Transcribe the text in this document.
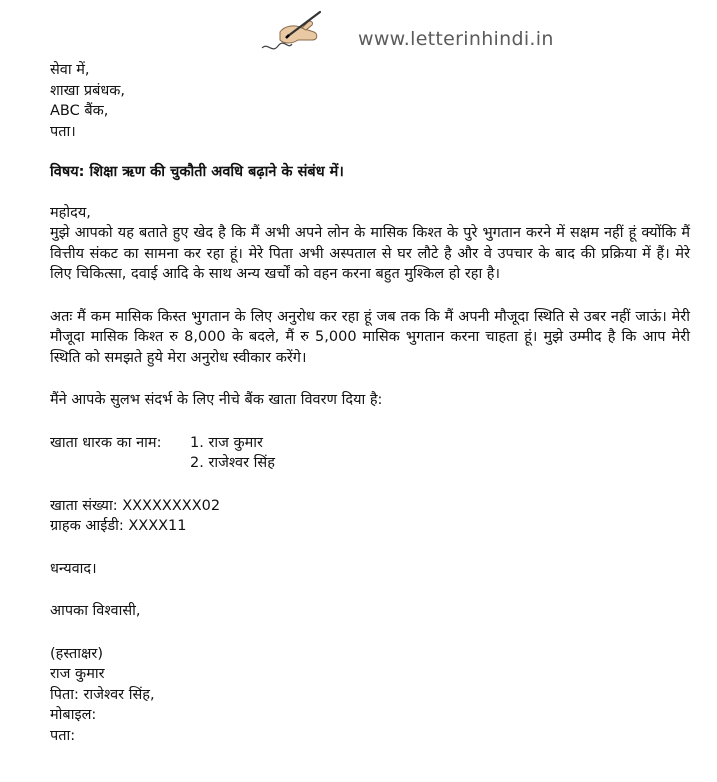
www.letterinhindi.in
सेवा में,
शाखा प्रबंधक,
ABC बैंक,
पता।
विषय: शिक्षा ऋण की चुकौती अवधि बढ़ाने के संबंध में।
महोदय,

मुझे आपको यह बताते हुए खेद है कि मैं अभी अपने लोन के मासिक किश्त के पुरे भुगतान करने में सक्षम नहीं हूं क्योंकि मैं वित्तीय संकट का सामना कर रहा हूं। मेरे पिता अभी अस्पताल से घर लौटे है और वे उपचार के बाद की प्रक्रिया में हैं। मेरे लिए चिकित्सा, दवाई आदि के साथ अन्य खर्चों को वहन करना बहुत मुश्किल हो रहा है।

अतः मैं कम मासिक किस्त भुगतान के लिए अनुरोध कर रहा हूं जब तक कि मैं अपनी मौजूदा स्थिति से उबर नहीं जाऊं। मेरी मौजूदा मासिक किश्त रु 8,000 के बदले, मैं रु 5,000 मासिक भुगतान करना चाहता हूं। मुझे उम्मीद है कि आप मेरी स्थिति को समझते हुये मेरा अनुरोध स्वीकार करेंगे।

मैंने आपके सुलभ संदर्भ के लिए नीचे बैंक खाता विवरण दिया है:
खाता धारक का नाम:	1. राज कुमार
2. राजेश्वर सिंह
खाता संख्या: XXXXXXXX02
ग्राहक आईडी: XXXX11
धन्यवाद।
आपका विश्वासी,
(हस्ताक्षर)
राज कुमार
पिता: राजेश्वर सिंह,
मोबाइल:
पता:
